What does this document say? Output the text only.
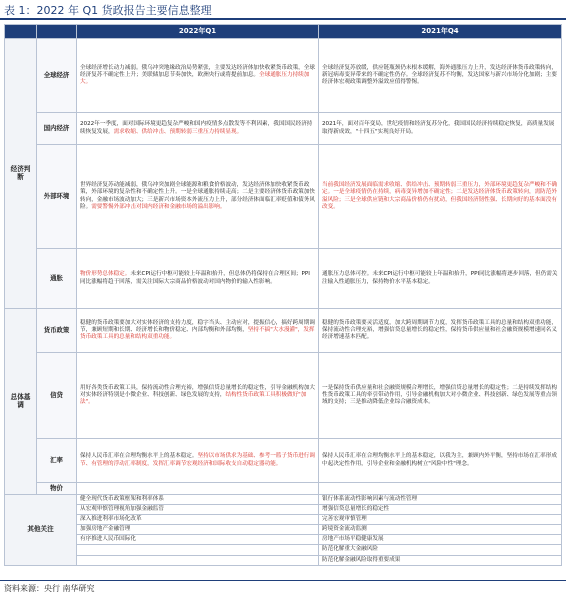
表 1：2022 年 Q1 货政报告主要信息整理
		2022年Q1	2021年Q4
经济判断	全球经济	全球经济增长动力减弱。俄乌冲突地缘政治局势紧张，主要发达经济体加快收紧货币政策，全球经济复苏不确定性上升；美联储加息节奏加快，欧洲央行或将提前加息。全球通胀压力持续加大。	全球经济复苏放缓，供应链瓶颈仍未根本缓解，海外通胀压力上升，发达经济体货币政策转向，新冠病毒变异带来的不确定性仍存。全球经济复苏不均衡，发达国家与新兴市场分化加剧；主要经济体宏观政策调整外溢效应值得警惕。
	国内经济	2022年一季度，面对国际环境更趋复杂严峻和国内疫情多点散发等不利因素，我国国民经济持续恢复发展，需求收缩、供给冲击、预期转弱三重压力持续显现。	2021年，面对百年变局，世纪疫情和经济复苏分化，我国国民经济持续稳定恢复，高质量发展取得新成效，"十四五"实现良好开局。
	外部环境	世界经济复苏动能减弱，俄乌冲突加剧全球能源和粮食价格波动，发达经济体加快收紧货币政策，外部环境的复杂性和不确定性上升。一是全球通胀持续走高；二是主要经济体货币政策加快转向，金融市场波动加大；三是新兴市场资本外流压力上升，部分经济体面临汇率贬值和债务风险。需要警惕外部冲击对国内经济和金融市场的溢出影响。	当前我国经济发展面临需求收缩、供给冲击、预期转弱三重压力，外部环境更趋复杂严峻和不确定。一是全球疫情仍在持续，病毒变异增加不确定性；二是发达经济体货币政策转向，需防范外溢风险；三是全球供应链和大宗商品价格仍有扰动，但我国经济韧性强、长期向好的基本面没有改变。
	通胀	物价形势总体稳定。未来CPI运行中枢可能较上年温和抬升，但总体仍将保持在合理区间；PPI同比涨幅将趋于回落，需关注国际大宗商品价格波动对国内物价的输入性影响。	通胀压力总体可控。未来CPI运行中枢可能较上年温和抬升，PPI同比涨幅将逐步回落，但仍需关注输入性通胀压力，保持物价水平基本稳定。
总体基调	货币政策	稳健的货币政策要加大对实体经济的支持力度，稳字当头、主动应对，提振信心，搞好跨周期调节，兼顾短期和长期、经济增长和物价稳定、内部均衡和外部均衡，坚持不搞"大水漫灌"，发挥货币政策工具的总量和结构双重功能。	稳健的货币政策要灵活适度，加大跨周期调节力度，发挥货币政策工具的总量和结构双重功能，保持流动性合理充裕，增强信贷总量增长的稳定性，保持货币供应量和社会融资规模增速同名义经济增速基本匹配。
	信贷	用好各类货币政策工具，保持流动性合理充裕，增强信贷总量增长的稳定性，引导金融机构加大对实体经济特别是小微企业、科技创新、绿色发展的支持，结构性货币政策工具积极做好"加法"。	一是保持货币供应量和社会融资规模合理增长，增强信贷总量增长的稳定性；二是持续发挥结构性货币政策工具的牵引带动作用，引导金融机构加大对小微企业、科技创新、绿色发展等重点领域的支持；三是推动降低企业综合融资成本。
	汇率	保持人民币汇率在合理均衡水平上的基本稳定。坚持以市场供求为基础、参考一篮子货币进行调节、有管理的浮动汇率制度，发挥汇率调节宏观经济和国际收支自动稳定器功能。	保持人民币汇率在合理均衡水平上的基本稳定，以我为主，兼顾内外平衡，坚持市场在汇率形成中起决定性作用，引导企业和金融机构树立"风险中性"理念。
	物价		
其他关注		健全现代货币政策框架和利率体系	银行体系流动性影响因素与流动性管理
		从宏观审慎管理视角加强金融监管	增强信贷总量增长的稳定性
		深入推进利率市场化改革	完善宏观审慎管理
		加强房地产金融管理	跨境资金流动监测
		有序推进人民币国际化	房地产市场平稳健康发展
			防范化解重大金融风险
			防范化解金融风险取得重要成果
资料来源：央行 南华研究
